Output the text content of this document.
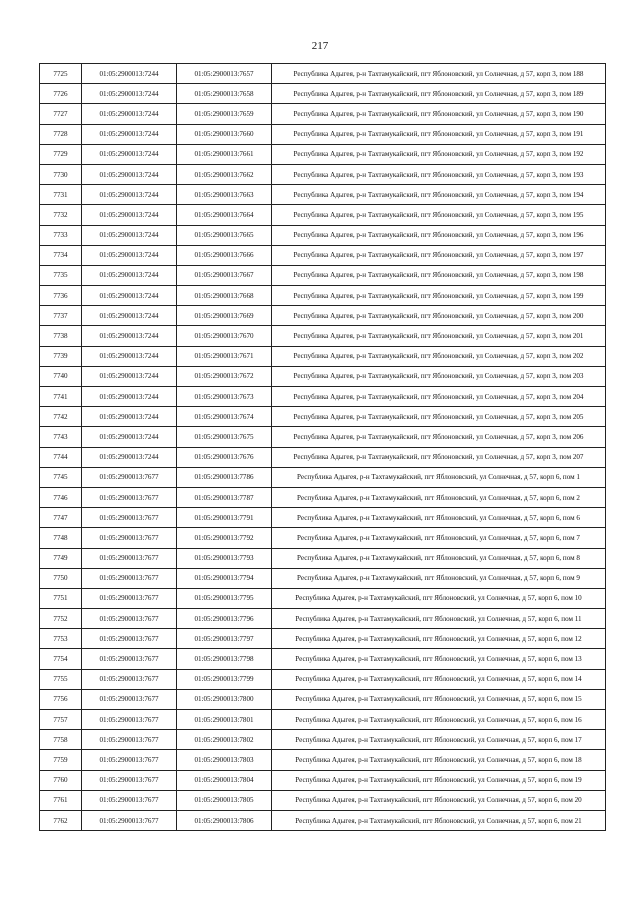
217
7725	01:05:2900013:7244	01:05:2900013:7657	Республика Адыгея, р-н Тахтамукайский, пгт Яблоновский, ул Солнечная, д 57, корп 3, пом 188
7726	01:05:2900013:7244	01:05:2900013:7658	Республика Адыгея, р-н Тахтамукайский, пгт Яблоновский, ул Солнечная, д 57, корп 3, пом 189
7727	01:05:2900013:7244	01:05:2900013:7659	Республика Адыгея, р-н Тахтамукайский, пгт Яблоновский, ул Солнечная, д 57, корп 3, пом 190
7728	01:05:2900013:7244	01:05:2900013:7660	Республика Адыгея, р-н Тахтамукайский, пгт Яблоновский, ул Солнечная, д 57, корп 3, пом 191
7729	01:05:2900013:7244	01:05:2900013:7661	Республика Адыгея, р-н Тахтамукайский, пгт Яблоновский, ул Солнечная, д 57, корп 3, пом 192
7730	01:05:2900013:7244	01:05:2900013:7662	Республика Адыгея, р-н Тахтамукайский, пгт Яблоновский, ул Солнечная, д 57, корп 3, пом 193
7731	01:05:2900013:7244	01:05:2900013:7663	Республика Адыгея, р-н Тахтамукайский, пгт Яблоновский, ул Солнечная, д 57, корп 3, пом 194
7732	01:05:2900013:7244	01:05:2900013:7664	Республика Адыгея, р-н Тахтамукайский, пгт Яблоновский, ул Солнечная, д 57, корп 3, пом 195
7733	01:05:2900013:7244	01:05:2900013:7665	Республика Адыгея, р-н Тахтамукайский, пгт Яблоновский, ул Солнечная, д 57, корп 3, пом 196
7734	01:05:2900013:7244	01:05:2900013:7666	Республика Адыгея, р-н Тахтамукайский, пгт Яблоновский, ул Солнечная, д 57, корп 3, пом 197
7735	01:05:2900013:7244	01:05:2900013:7667	Республика Адыгея, р-н Тахтамукайский, пгт Яблоновский, ул Солнечная, д 57, корп 3, пом 198
7736	01:05:2900013:7244	01:05:2900013:7668	Республика Адыгея, р-н Тахтамукайский, пгт Яблоновский, ул Солнечная, д 57, корп 3, пом 199
7737	01:05:2900013:7244	01:05:2900013:7669	Республика Адыгея, р-н Тахтамукайский, пгт Яблоновский, ул Солнечная, д 57, корп 3, пом 200
7738	01:05:2900013:7244	01:05:2900013:7670	Республика Адыгея, р-н Тахтамукайский, пгт Яблоновский, ул Солнечная, д 57, корп 3, пом 201
7739	01:05:2900013:7244	01:05:2900013:7671	Республика Адыгея, р-н Тахтамукайский, пгт Яблоновский, ул Солнечная, д 57, корп 3, пом 202
7740	01:05:2900013:7244	01:05:2900013:7672	Республика Адыгея, р-н Тахтамукайский, пгт Яблоновский, ул Солнечная, д 57, корп 3, пом 203
7741	01:05:2900013:7244	01:05:2900013:7673	Республика Адыгея, р-н Тахтамукайский, пгт Яблоновский, ул Солнечная, д 57, корп 3, пом 204
7742	01:05:2900013:7244	01:05:2900013:7674	Республика Адыгея, р-н Тахтамукайский, пгт Яблоновский, ул Солнечная, д 57, корп 3, пом 205
7743	01:05:2900013:7244	01:05:2900013:7675	Республика Адыгея, р-н Тахтамукайский, пгт Яблоновский, ул Солнечная, д 57, корп 3, пом 206
7744	01:05:2900013:7244	01:05:2900013:7676	Республика Адыгея, р-н Тахтамукайский, пгт Яблоновский, ул Солнечная, д 57, корп 3, пом 207
7745	01:05:2900013:7677	01:05:2900013:7786	Республика Адыгея, р-н Тахтамукайский, пгт Яблоновский, ул Солнечная, д 57, корп 6, пом 1
7746	01:05:2900013:7677	01:05:2900013:7787	Республика Адыгея, р-н Тахтамукайский, пгт Яблоновский, ул Солнечная, д 57, корп 6, пом 2
7747	01:05:2900013:7677	01:05:2900013:7791	Республика Адыгея, р-н Тахтамукайский, пгт Яблоновский, ул Солнечная, д 57, корп 6, пом 6
7748	01:05:2900013:7677	01:05:2900013:7792	Республика Адыгея, р-н Тахтамукайский, пгт Яблоновский, ул Солнечная, д 57, корп 6, пом 7
7749	01:05:2900013:7677	01:05:2900013:7793	Республика Адыгея, р-н Тахтамукайский, пгт Яблоновский, ул Солнечная, д 57, корп 6, пом 8
7750	01:05:2900013:7677	01:05:2900013:7794	Республика Адыгея, р-н Тахтамукайский, пгт Яблоновский, ул Солнечная, д 57, корп 6, пом 9
7751	01:05:2900013:7677	01:05:2900013:7795	Республика Адыгея, р-н Тахтамукайский, пгт Яблоновский, ул Солнечная, д 57, корп 6, пом 10
7752	01:05:2900013:7677	01:05:2900013:7796	Республика Адыгея, р-н Тахтамукайский, пгт Яблоновский, ул Солнечная, д 57, корп 6, пом 11
7753	01:05:2900013:7677	01:05:2900013:7797	Республика Адыгея, р-н Тахтамукайский, пгт Яблоновский, ул Солнечная, д 57, корп 6, пом 12
7754	01:05:2900013:7677	01:05:2900013:7798	Республика Адыгея, р-н Тахтамукайский, пгт Яблоновский, ул Солнечная, д 57, корп 6, пом 13
7755	01:05:2900013:7677	01:05:2900013:7799	Республика Адыгея, р-н Тахтамукайский, пгт Яблоновский, ул Солнечная, д 57, корп 6, пом 14
7756	01:05:2900013:7677	01:05:2900013:7800	Республика Адыгея, р-н Тахтамукайский, пгт Яблоновский, ул Солнечная, д 57, корп 6, пом 15
7757	01:05:2900013:7677	01:05:2900013:7801	Республика Адыгея, р-н Тахтамукайский, пгт Яблоновский, ул Солнечная, д 57, корп 6, пом 16
7758	01:05:2900013:7677	01:05:2900013:7802	Республика Адыгея, р-н Тахтамукайский, пгт Яблоновский, ул Солнечная, д 57, корп 6, пом 17
7759	01:05:2900013:7677	01:05:2900013:7803	Республика Адыгея, р-н Тахтамукайский, пгт Яблоновский, ул Солнечная, д 57, корп 6, пом 18
7760	01:05:2900013:7677	01:05:2900013:7804	Республика Адыгея, р-н Тахтамукайский, пгт Яблоновский, ул Солнечная, д 57, корп 6, пом 19
7761	01:05:2900013:7677	01:05:2900013:7805	Республика Адыгея, р-н Тахтамукайский, пгт Яблоновский, ул Солнечная, д 57, корп 6, пом 20
7762	01:05:2900013:7677	01:05:2900013:7806	Республика Адыгея, р-н Тахтамукайский, пгт Яблоновский, ул Солнечная, д 57, корп 6, пом 21
